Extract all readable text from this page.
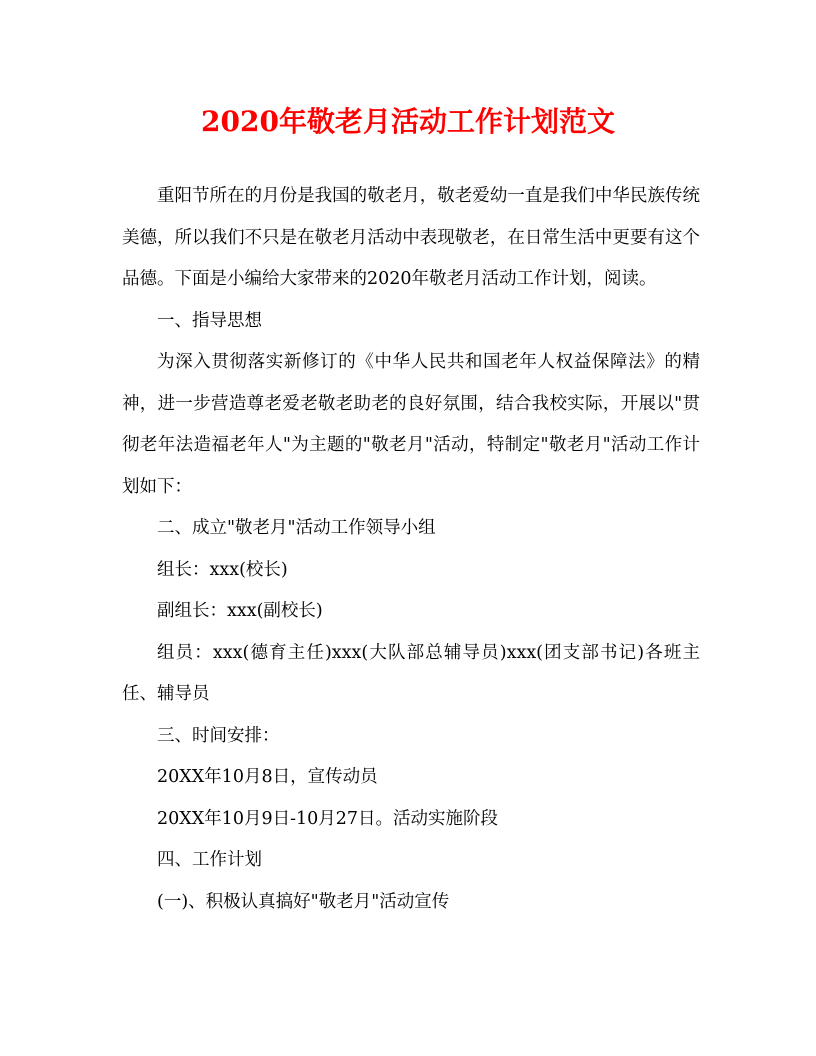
2020年敬老月活动工作计划范文

重阳节所在的月份是我国的敬老月，敬老爱幼一直是我们中华民族传统美德，所以我们不只是在敬老月活动中表现敬老，在日常生活中更要有这个品德。下面是小编给大家带来的2020年敬老月活动工作计划，阅读。

一、指导思想

为深入贯彻落实新修订的《中华人民共和国老年人权益保障法》的精神，进一步营造尊老爱老敬老助老的良好氛围，结合我校实际，开展以"贯彻老年法造福老年人"为主题的"敬老月"活动，特制定"敬老月"活动工作计划如下：

二、成立"敬老月"活动工作领导小组

组长：xxx(校长)

副组长：xxx(副校长)

组员：xxx(德育主任)xxx(大队部总辅导员)xxx(团支部书记)各班主任、辅导员

三、时间安排：

20XX年10月8日，宣传动员

20XX年10月9日-10月27日。活动实施阶段

四、工作计划

(一)、积极认真搞好"敬老月"活动宣传
